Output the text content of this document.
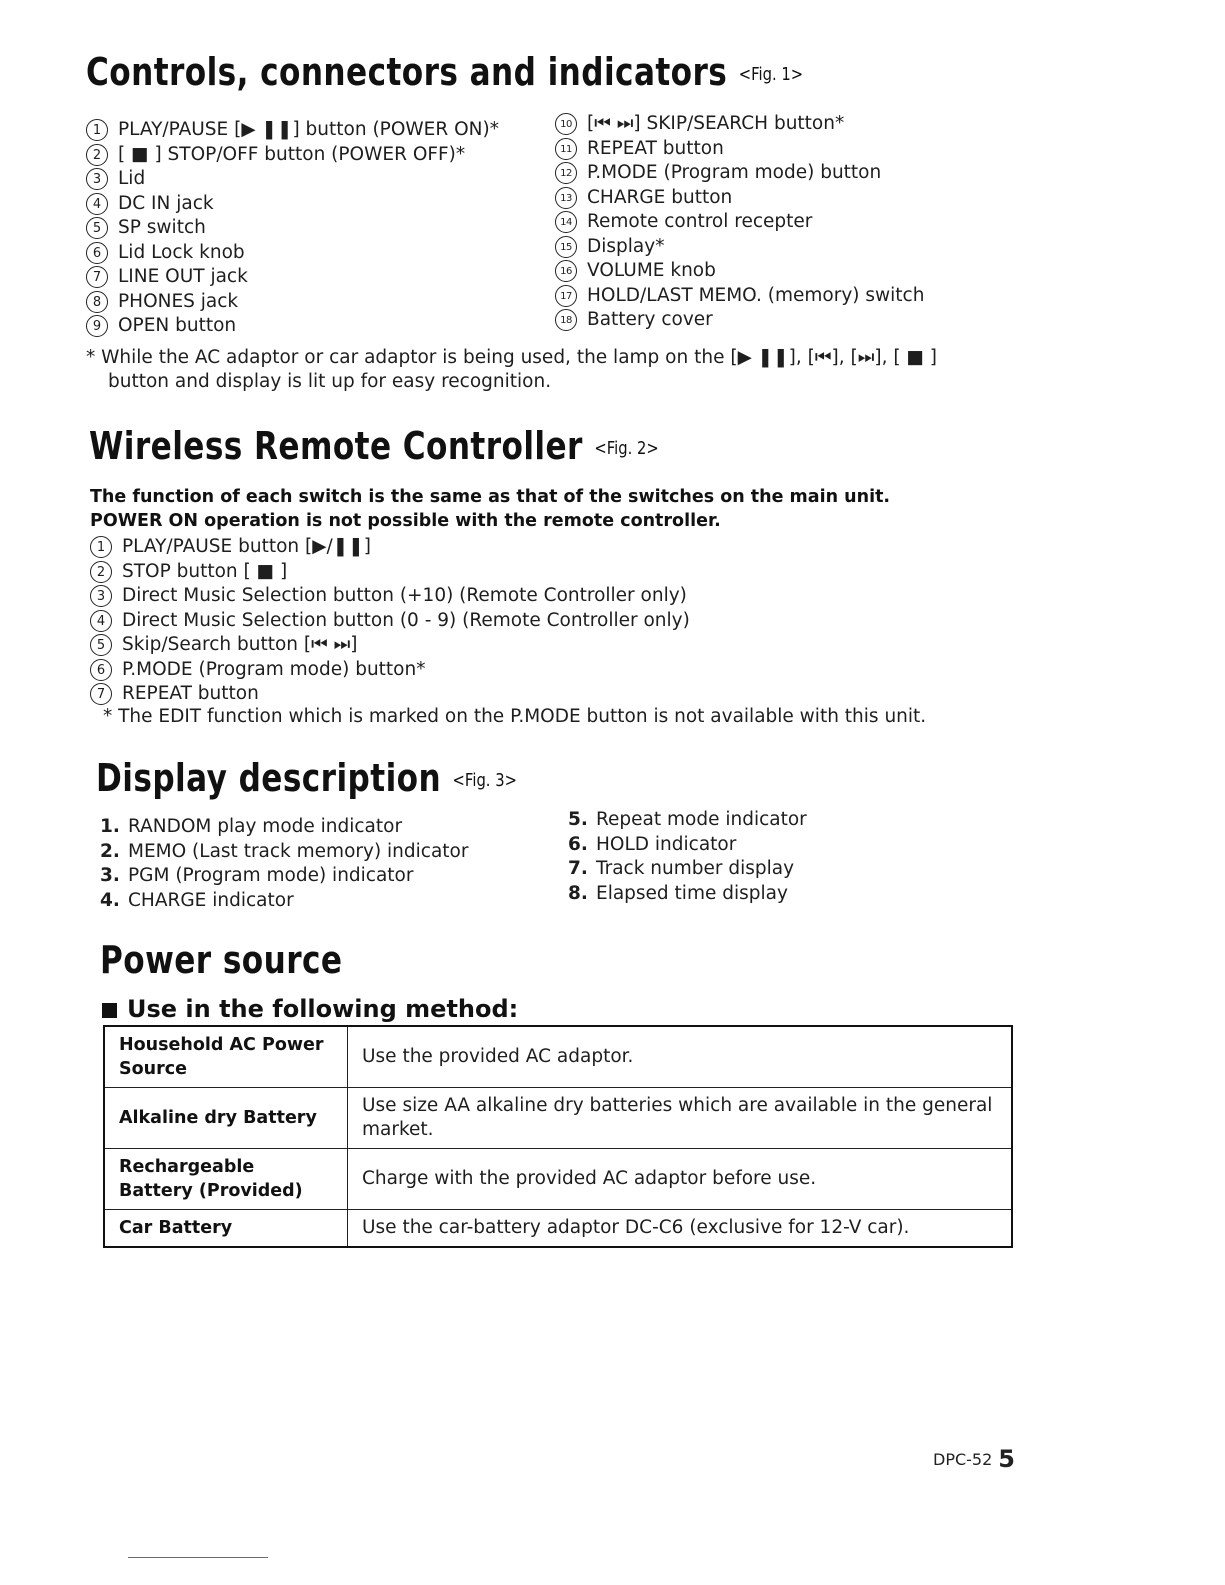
Controls, connectors and indicators <Fig. 1>
1 PLAY/PAUSE [▶ ❚❚] button (POWER ON)*
2 [ ■ ] STOP/OFF button (POWER OFF)*
3 Lid
4 DC IN jack
5 SP switch
6 Lid Lock knob
7 LINE OUT jack
8 PHONES jack
9 OPEN button
10 [⏮ ⏭] SKIP/SEARCH button*
11 REPEAT button
12 P.MODE (Program mode) button
13 CHARGE button
14 Remote control recepter
15 Display*
16 VOLUME knob
17 HOLD/LAST MEMO. (memory) switch
18 Battery cover
* While the AC adaptor or car adaptor is being used, the lamp on the [▶ ❚❚], [⏮], [⏭], [ ■ ]
button and display is lit up for easy recognition.
Wireless Remote Controller <Fig. 2>
The function of each switch is the same as that of the switches on the main unit.
POWER ON operation is not possible with the remote controller.
1 PLAY/PAUSE button [▶/❚❚]
2 STOP button [ ■ ]
3 Direct Music Selection button (+10) (Remote Controller only)
4 Direct Music Selection button (0 - 9) (Remote Controller only)
5 Skip/Search button [⏮ ⏭]
6 P.MODE (Program mode) button*
7 REPEAT button
* The EDIT function which is marked on the P.MODE button is not available with this unit.
Display description <Fig. 3>
1. RANDOM play mode indicator
2. MEMO (Last track memory) indicator
3. PGM (Program mode) indicator
4. CHARGE indicator
5. Repeat mode indicator
6. HOLD indicator
7. Track number display
8. Elapsed time display
Power source
Use in the following method:
Household AC Power Source	Use the provided AC adaptor.
Alkaline dry Battery	Use size AA alkaline dry batteries which are available in the general market.
Rechargeable Battery (Provided)	Charge with the provided AC adaptor before use.
Car Battery	Use the car-battery adaptor DC-C6 (exclusive for 12-V car).
DPC-52 5
